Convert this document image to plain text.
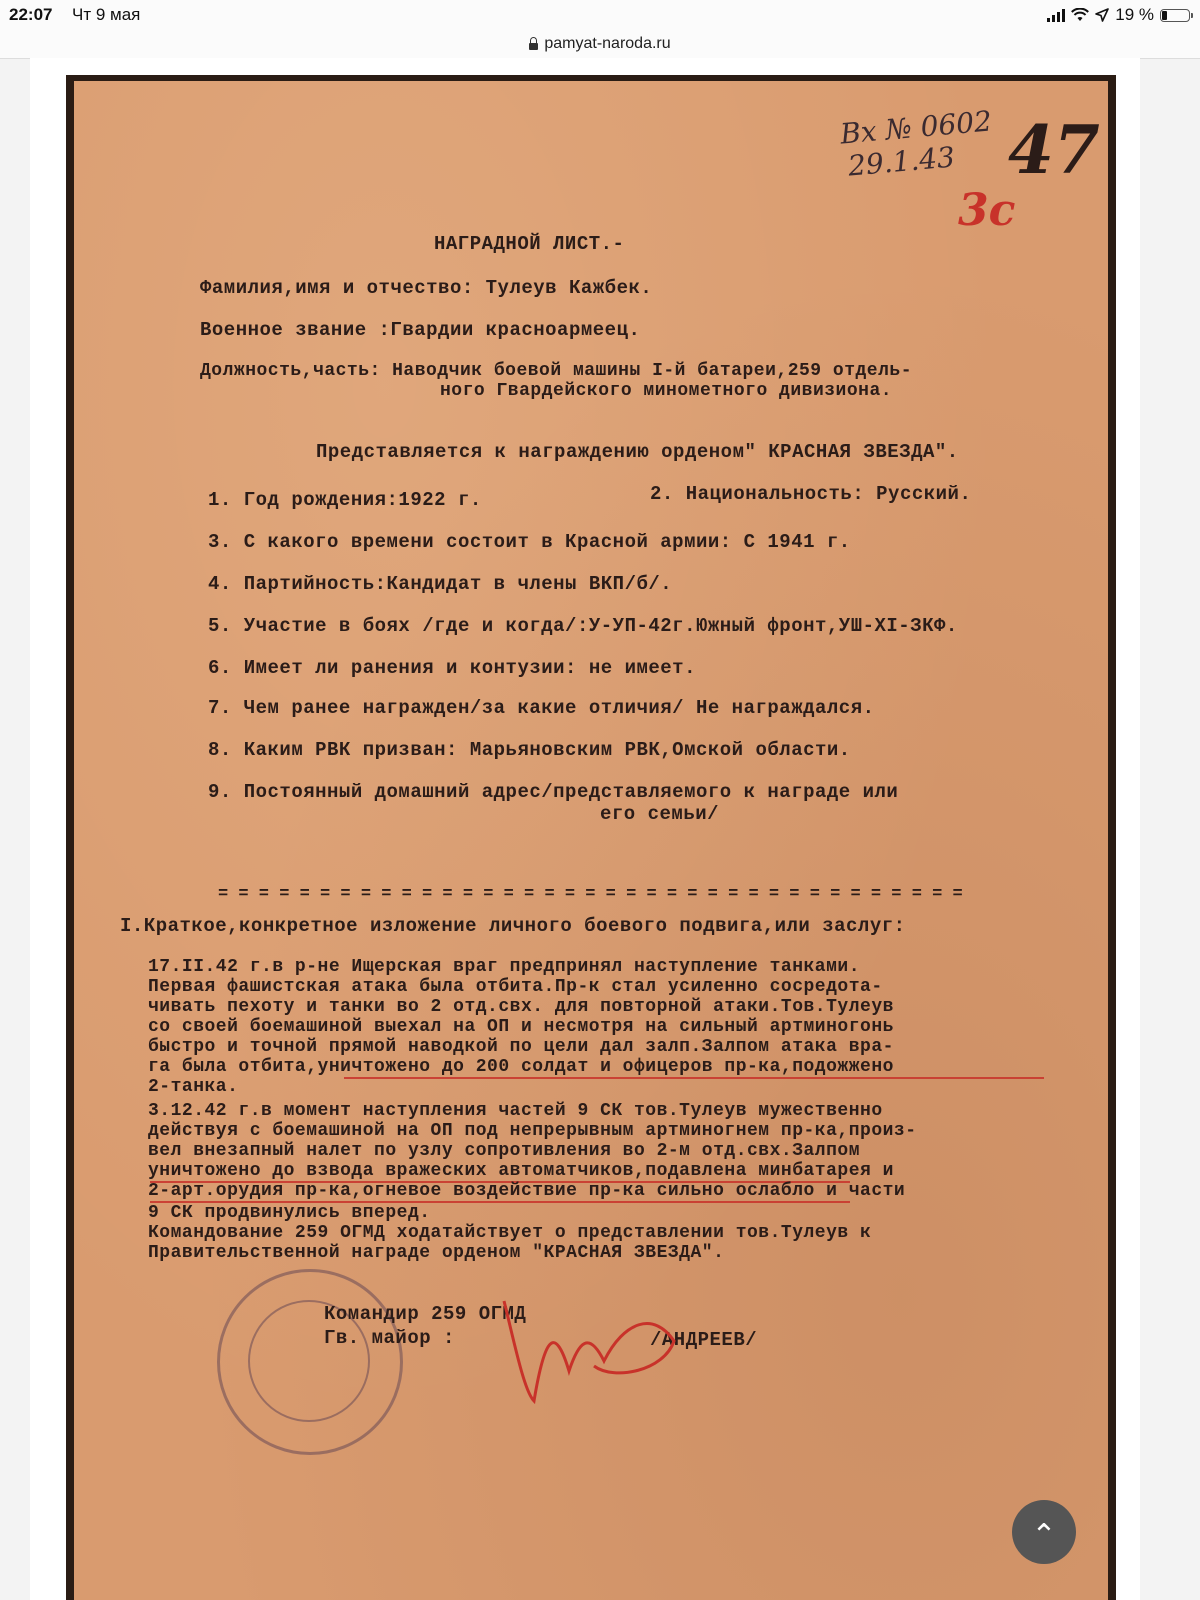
22:07 Чт 9 мая	19 %
pamyat-naroda.ru
Вх № 0602
29.1.43 47
3с
НАГРАДНОЙ ЛИСТ.-
Фамилия,имя и отчество: Тулеув Кажбек.
Военное звание :Гвардии красноармеец.
Должность,часть: Наводчик боевой машины I-й батареи,259 отдель-
ного Гвардейского минометного дивизиона.
Представляется к награждению орденом" КРАСНАЯ ЗВЕЗДА".
1. Год рождения:1922 г.	2. Национальность: Русский.
3. С какого времени состоит в Красной армии: С 1941 г.
4. Партийность:Кандидат в члены ВКП/б/.
5. Участие в боях /где и когда/:У-УП-42г.Южный фронт,УШ-XI-ЗКФ.
6. Имеет ли ранения и контузии: не имеет.
7. Чем ранее награжден/за какие отличия/ Не награждался.
8. Каким РВК призван: Марьяновским РВК,Омской области.
9. Постоянный домашний адрес/представляемого к награде или
его семьи/
= = = = = = = = = = = = = = = = = = = = = = = = = = = = = = = = = = = = =
I.Краткое,конкретное изложение личного боевого подвига,или заслуг:
17.II.42 г.в р-не Ищерская враг предпринял наступление танками.
Первая фашистская атака была отбита.Пр-к стал усиленно сосредота-
чивать пехоту и танки во 2 отд.свх. для повторной атаки.Тов.Тулеув
со своей боемашиной выехал на ОП и несмотря на сильный артминогонь
быстро и точной прямой наводкой по цели дал залп.Залпом атака вра-
га была отбита,уничтожено до 200 солдат и офицеров пр-ка,подожжено
2-танка.
3.12.42 г.в момент наступления частей 9 СК тов.Тулеув мужественно
действуя с боемашиной на ОП под непрерывным артминогнем пр-ка,произ-
вел внезапный налет по узлу сопротивления во 2-м отд.свх.Залпом
уничтожено до взвода вражеских автоматчиков,подавлена минбатарея и
2-арт.орудия пр-ка,огневое воздействие пр-ка сильно ослабло и части
9 СК продвинулись вперед.
Командование 259 ОГМД ходатайствует о представлении тов.Тулеув к
Правительственной награде орденом "КРАСНАЯ ЗВЕЗДА".
Командир 259 ОГМД
Гв. майор :	/АНДРЕЕВ/
⌃
